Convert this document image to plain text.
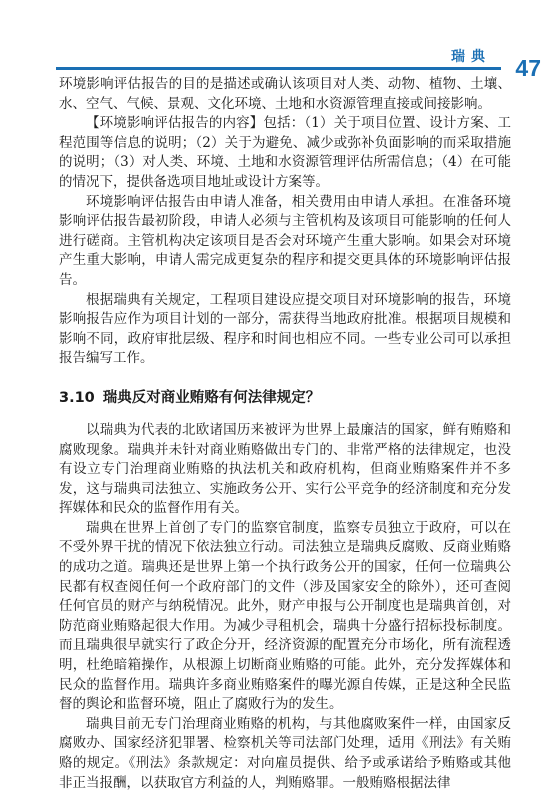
瑞典 47

环境影响评估报告的目的是描述或确认该项目对人类、动物、植物、土壤、水、空气、气候、景观、文化环境、土地和水资源管理直接或间接影响。

【环境影响评估报告的内容】包括：（1）关于项目位置、设计方案、工程范围等信息的说明；（2）关于为避免、减少或弥补负面影响的而采取措施的说明；（3）对人类、环境、土地和水资源管理评估所需信息；（4）在可能的情况下，提供备选项目地址或设计方案等。

环境影响评估报告由申请人准备，相关费用由申请人承担。在准备环境影响评估报告最初阶段，申请人必须与主管机构及该项目可能影响的任何人进行磋商。主管机构决定该项目是否会对环境产生重大影响。如果会对环境产生重大影响，申请人需完成更复杂的程序和提交更具体的环境影响评估报告。

根据瑞典有关规定，工程项目建设应提交项目对环境影响的报告，环境影响报告应作为项目计划的一部分，需获得当地政府批准。根据项目规模和影响不同，政府审批层级、程序和时间也相应不同。一些专业公司可以承担报告编写工作。

3.10 瑞典反对商业贿赂有何法律规定？

以瑞典为代表的北欧诸国历来被评为世界上最廉洁的国家，鲜有贿赂和腐败现象。瑞典并未针对商业贿赂做出专门的、非常严格的法律规定，也没有设立专门治理商业贿赂的执法机关和政府机构，但商业贿赂案件并不多发，这与瑞典司法独立、实施政务公开、实行公平竞争的经济制度和充分发挥媒体和民众的监督作用有关。

瑞典在世界上首创了专门的监察官制度，监察专员独立于政府，可以在不受外界干扰的情况下依法独立行动。司法独立是瑞典反腐败、反商业贿赂的成功之道。瑞典还是世界上第一个执行政务公开的国家，任何一位瑞典公民都有权查阅任何一个政府部门的文件（涉及国家安全的除外），还可查阅任何官员的财产与纳税情况。此外，财产申报与公开制度也是瑞典首创，对防范商业贿赂起很大作用。为减少寻租机会，瑞典十分盛行招标投标制度。而且瑞典很早就实行了政企分开，经济资源的配置充分市场化，所有流程透明，杜绝暗箱操作，从根源上切断商业贿赂的可能。此外，充分发挥媒体和民众的监督作用。瑞典许多商业贿赂案件的曝光源自传媒，正是这种全民监督的舆论和监督环境，阻止了腐败行为的发生。

瑞典目前无专门治理商业贿赂的机构，与其他腐败案件一样，由国家反腐败办、国家经济犯罪署、检察机关等司法部门处理，适用《刑法》有关贿赂的规定。《刑法》条款规定：对向雇员提供、给予或承诺给予贿赂或其他非正当报酬，以获取官方利益的人，判贿赂罪。一般贿赂根据法律
